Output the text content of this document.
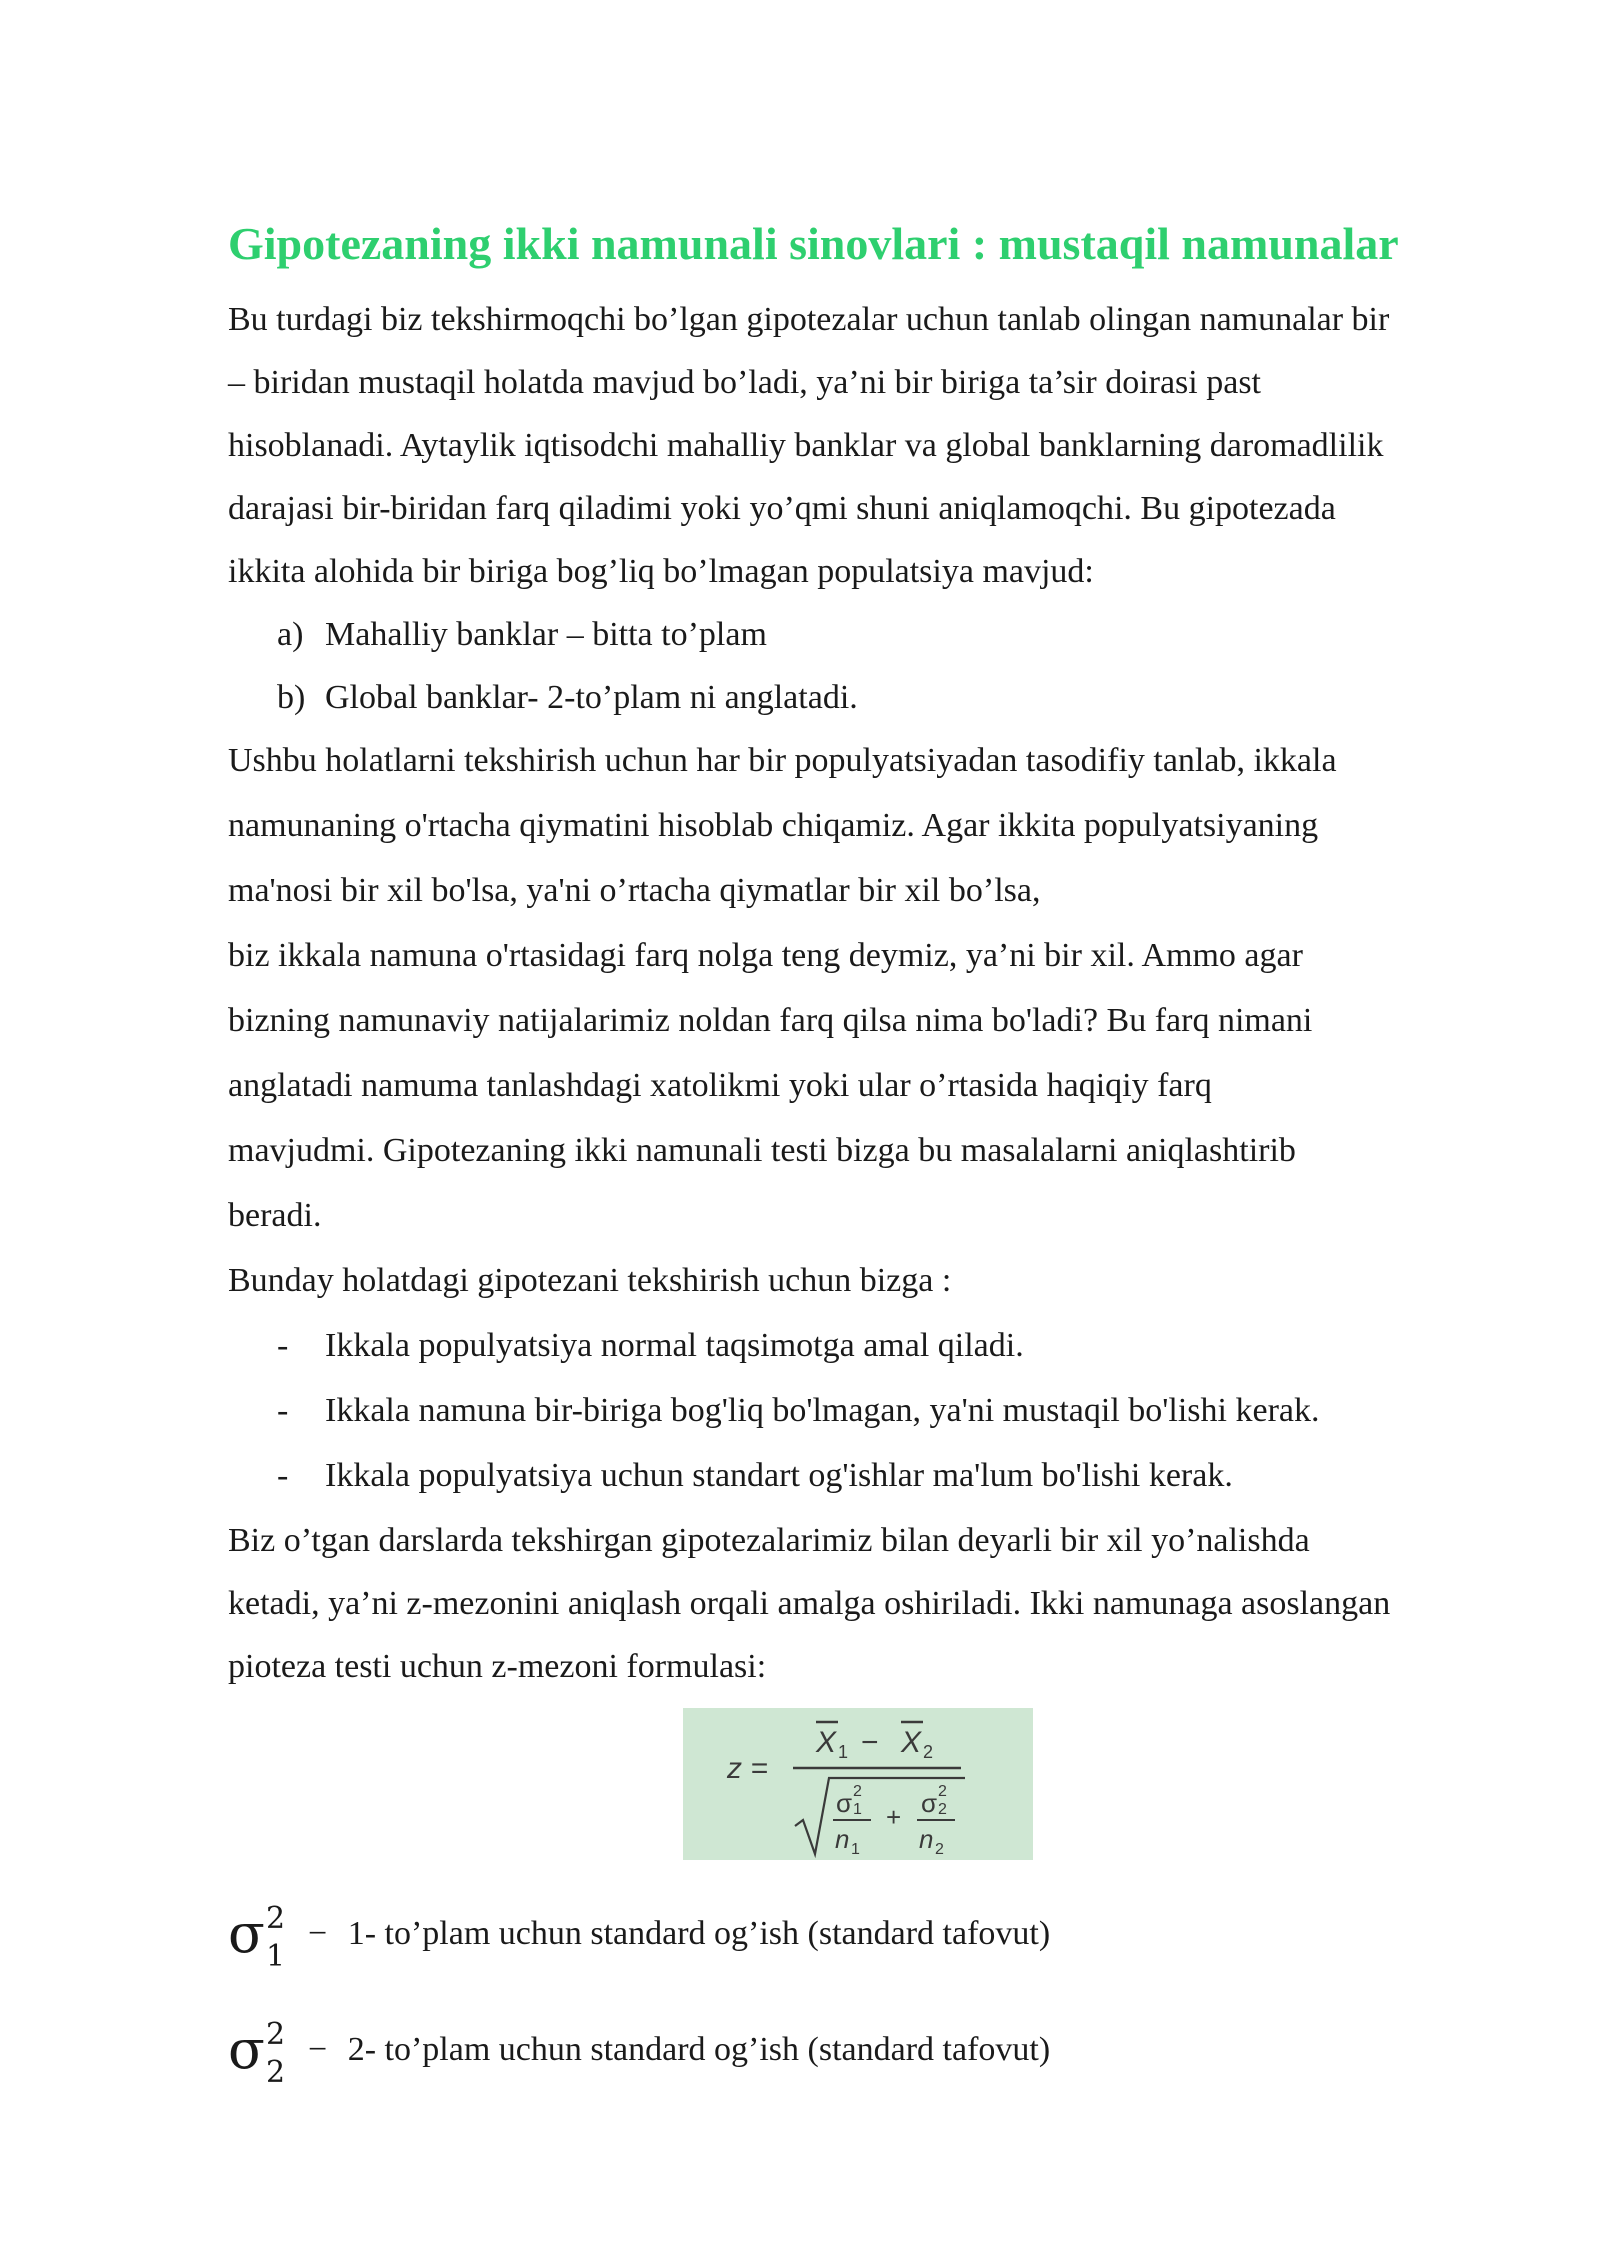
Gipotezaning ikki namunali sinovlari : mustaqil namunalar
Bu turdagi biz tekshirmoqchi bo’lgan gipotezalar uchun tanlab olingan namunalar bir
– biridan mustaqil holatda mavjud bo’ladi, ya’ni bir biriga ta’sir doirasi past
hisoblanadi. Aytaylik iqtisodchi mahalliy banklar va global banklarning daromadlilik
darajasi bir-biridan farq qiladimi yoki yo’qmi shuni aniqlamoqchi. Bu gipotezada
ikkita alohida bir biriga bog’liq bo’lmagan populatsiya mavjud:
a) Mahalliy banklar – bitta to’plam
b) Global banklar- 2-to’plam ni anglatadi.
Ushbu holatlarni tekshirish uchun har bir populyatsiyadan tasodifiy tanlab, ikkala
namunaning o'rtacha qiymatini hisoblab chiqamiz. Agar ikkita populyatsiyaning
ma'nosi bir xil bo'lsa, ya'ni o’rtacha qiymatlar bir xil bo’lsa,
biz ikkala namuna o'rtasidagi farq nolga teng deymiz, ya’ni bir xil. Ammo agar
bizning namunaviy natijalarimiz noldan farq qilsa nima bo'ladi? Bu farq nimani
anglatadi namuma tanlashdagi xatolikmi yoki ular o’rtasida haqiqiy farq
mavjudmi. Gipotezaning ikki namunali testi bizga bu masalalarni aniqlashtirib
beradi.
Bunday holatdagi gipotezani tekshirish uchun bizga :
- Ikkala populyatsiya normal taqsimotga amal qiladi.
- Ikkala namuna bir-biriga bog'liq bo'lmagan, ya'ni mustaqil bo'lishi kerak.
- Ikkala populyatsiya uchun standart og'ishlar ma'lum bo'lishi kerak.
Biz o’tgan darslarda tekshirgan gipotezalarimiz bilan deyarli bir xil yo’nalishda
ketadi, ya’ni z-mezonini aniqlash orqali amalga oshiriladi. Ikki namunaga asoslangan
pioteza testi uchun z-mezoni formulasi:
z =
X 1 − X 2
σ 2
1
n 1
+ σ 2
2
n 2
σ 2
1
− 1- to’plam uchun standard og’ish (standard tafovut)
σ 2
2
− 2- to’plam uchun standard og’ish (standard tafovut)
